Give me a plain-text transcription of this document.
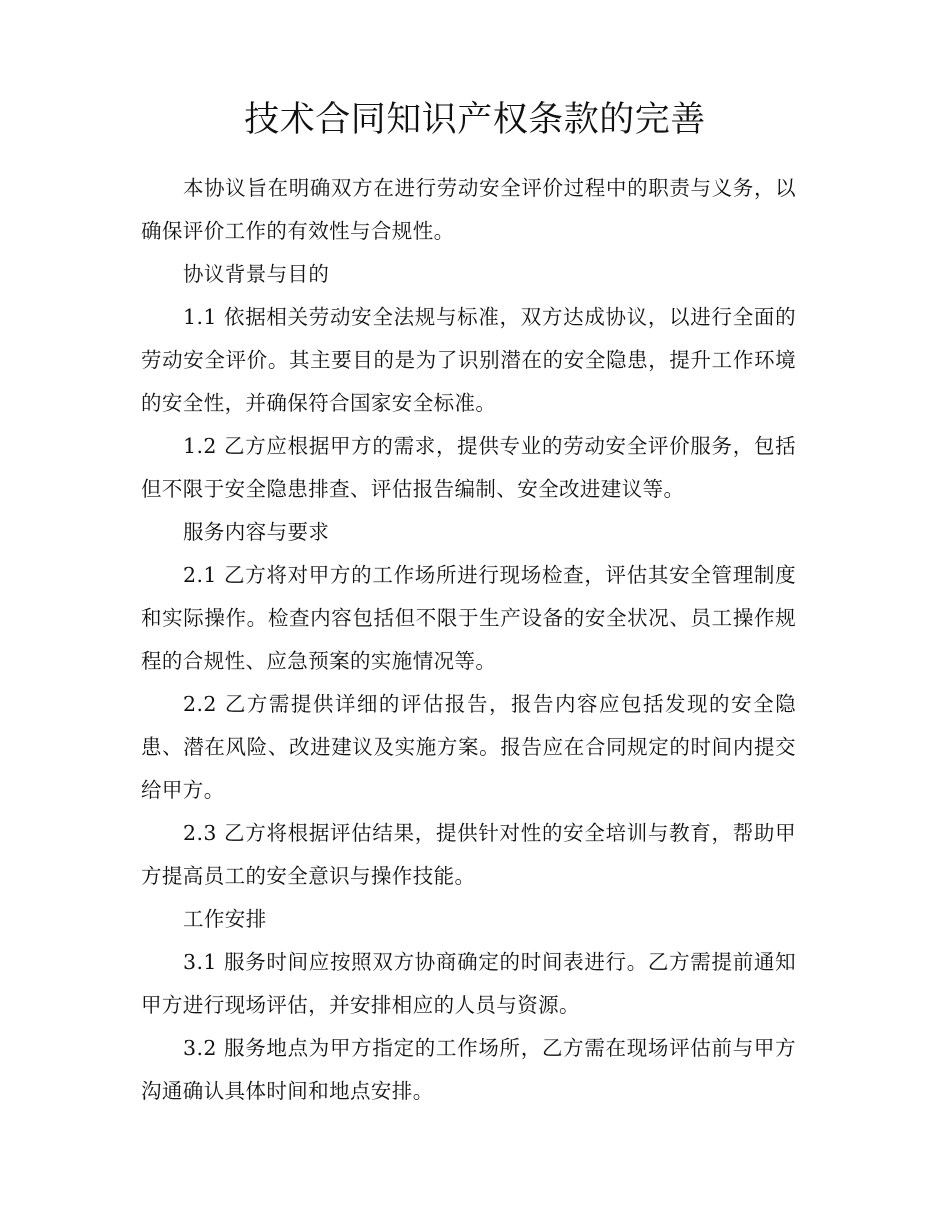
技术合同知识产权条款的完善

本协议旨在明确双方在进行劳动安全评价过程中的职责与义务，以确保评价工作的有效性与合规性。

协议背景与目的

1.1 依据相关劳动安全法规与标准，双方达成协议，以进行全面的劳动安全评价。其主要目的是为了识别潜在的安全隐患，提升工作环境的安全性，并确保符合国家安全标准。

1.2 乙方应根据甲方的需求，提供专业的劳动安全评价服务，包括但不限于安全隐患排查、评估报告编制、安全改进建议等。

服务内容与要求

2.1 乙方将对甲方的工作场所进行现场检查，评估其安全管理制度和实际操作。检查内容包括但不限于生产设备的安全状况、员工操作规程的合规性、应急预案的实施情况等。

2.2 乙方需提供详细的评估报告，报告内容应包括发现的安全隐患、潜在风险、改进建议及实施方案。报告应在合同规定的时间内提交给甲方。

2.3 乙方将根据评估结果，提供针对性的安全培训与教育，帮助甲方提高员工的安全意识与操作技能。

工作安排

3.1 服务时间应按照双方协商确定的时间表进行。乙方需提前通知甲方进行现场评估，并安排相应的人员与资源。

3.2 服务地点为甲方指定的工作场所，乙方需在现场评估前与甲方沟通确认具体时间和地点安排。
